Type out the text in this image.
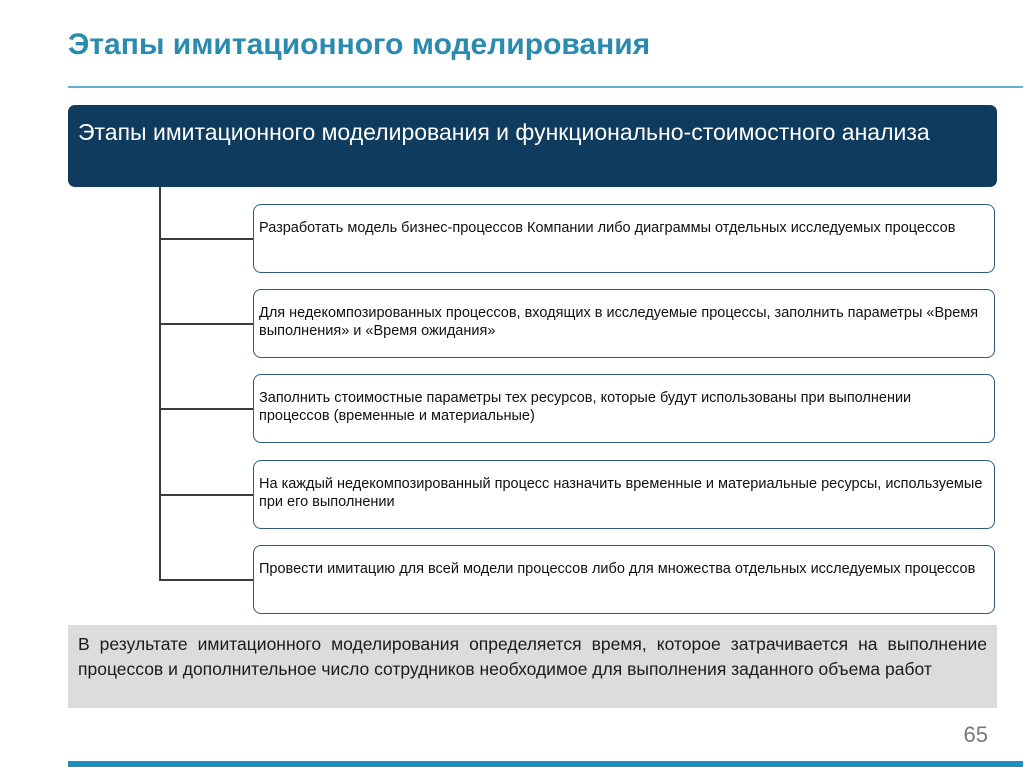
Этапы имитационного моделирования
Этапы имитационного моделирования и функционально-стоимостного анализа
Разработать модель бизнес-процессов Компании либо диаграммы отдельных исследуемых процессов
Для недекомпозированных процессов, входящих в исследуемые процессы, заполнить параметры «Время выполнения» и «Время ожидания»
Заполнить стоимостные параметры тех ресурсов, которые будут использованы при выполнении процессов (временные и материальные)
На каждый недекомпозированный процесс назначить временные и материальные ресурсы, используемые при его выполнении
Провести имитацию для всей модели процессов либо для множества отдельных исследуемых процессов
В результате имитационного моделирования определяется время, которое затрачивается на выполнение процессов и дополнительное число сотрудников необходимое для выполнения заданного объема работ
65
